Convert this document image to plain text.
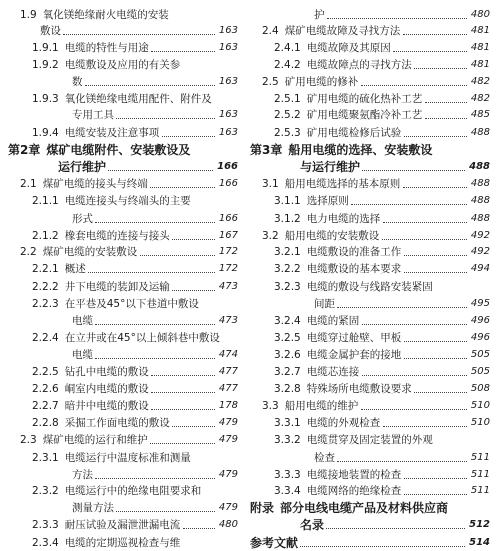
1.9 氧化镁绝缘耐火电缆的安装
敷设	163
1.9.1 电缆的特性与用途	163
1.9.2 电缆敷设及应用的有关参
数	163
1.9.3 氧化镁绝缘电缆用配件、附件及
专用工具	163
1.9.4 电缆安装及注意事项	163
第2章 煤矿电缆附件、安装敷设及
运行维护	166
2.1 煤矿电缆的接头与终端	166
2.1.1 电缆连接头与终端头的主要
形式	166
2.1.2 橡套电缆的连接与接头	167
2.2 煤矿电缆的安装敷设	172
2.2.1 概述	172
2.2.2 井下电缆的装卸及运输	473
2.2.3 在平巷及45°以下巷道中敷设
电缆	473
2.2.4 在立井或在45°以上倾斜巷中敷设
电缆	474
2.2.5 钻孔中电缆的敷设	477
2.2.6 峒室内电缆的敷设	477
2.2.7 暗井中电缆的敷设	178
2.2.8 采掘工作面电缆的敷设	479
2.3 煤矿电缆的运行和维护	479
2.3.1 电缆运行中温度标准和测量
方法	479
2.3.2 电缆运行中的绝缘电阻要求和
测量方法	479
2.3.3 耐压试验及漏泄泄漏电流	480
2.3.4 电缆的定期巡视检查与维
护	480
2.4 煤矿电缆故障及寻找方法	481
2.4.1 电缆故障及其原因	481
2.4.2 电缆故障点的寻找方法	481
2.5 矿用电缆的修补	482
2.5.1 矿用电缆的硫化热补工艺	482
2.5.2 矿用电缆聚氨酯冷补工艺	485
2.5.3 矿用电缆检修后试验	488
第3章 船用电缆的选择、安装敷设
与运行维护	488
3.1 船用电缆选择的基本原则	488
3.1.1 选择原则	488
3.1.2 电力电缆的选择	488
3.2 船用电缆的安装敷设	492
3.2.1 电缆敷设的准备工作	492
3.2.2 电缆敷设的基本要求	494
3.2.3 电缆的敷设与线路安装紧固
间距	495
3.2.4 电缆的紧固	496
3.2.5 电缆穿过舱壁、甲板	496
3.2.6 电缆金属护套的接地	505
3.2.7 电缆芯连接	505
3.2.8 特殊场所电缆敷设要求	508
3.3 船用电缆的维护	510
3.3.1 电缆的外观检查	510
3.3.2 电缆贯穿及固定装置的外观
检查	511
3.3.3 电缆接地装置的检查	511
3.3.4 电缆网络的绝缘检查	511
附录 部分电线电缆产品及材料供应商
名录	512
参考文献	514
